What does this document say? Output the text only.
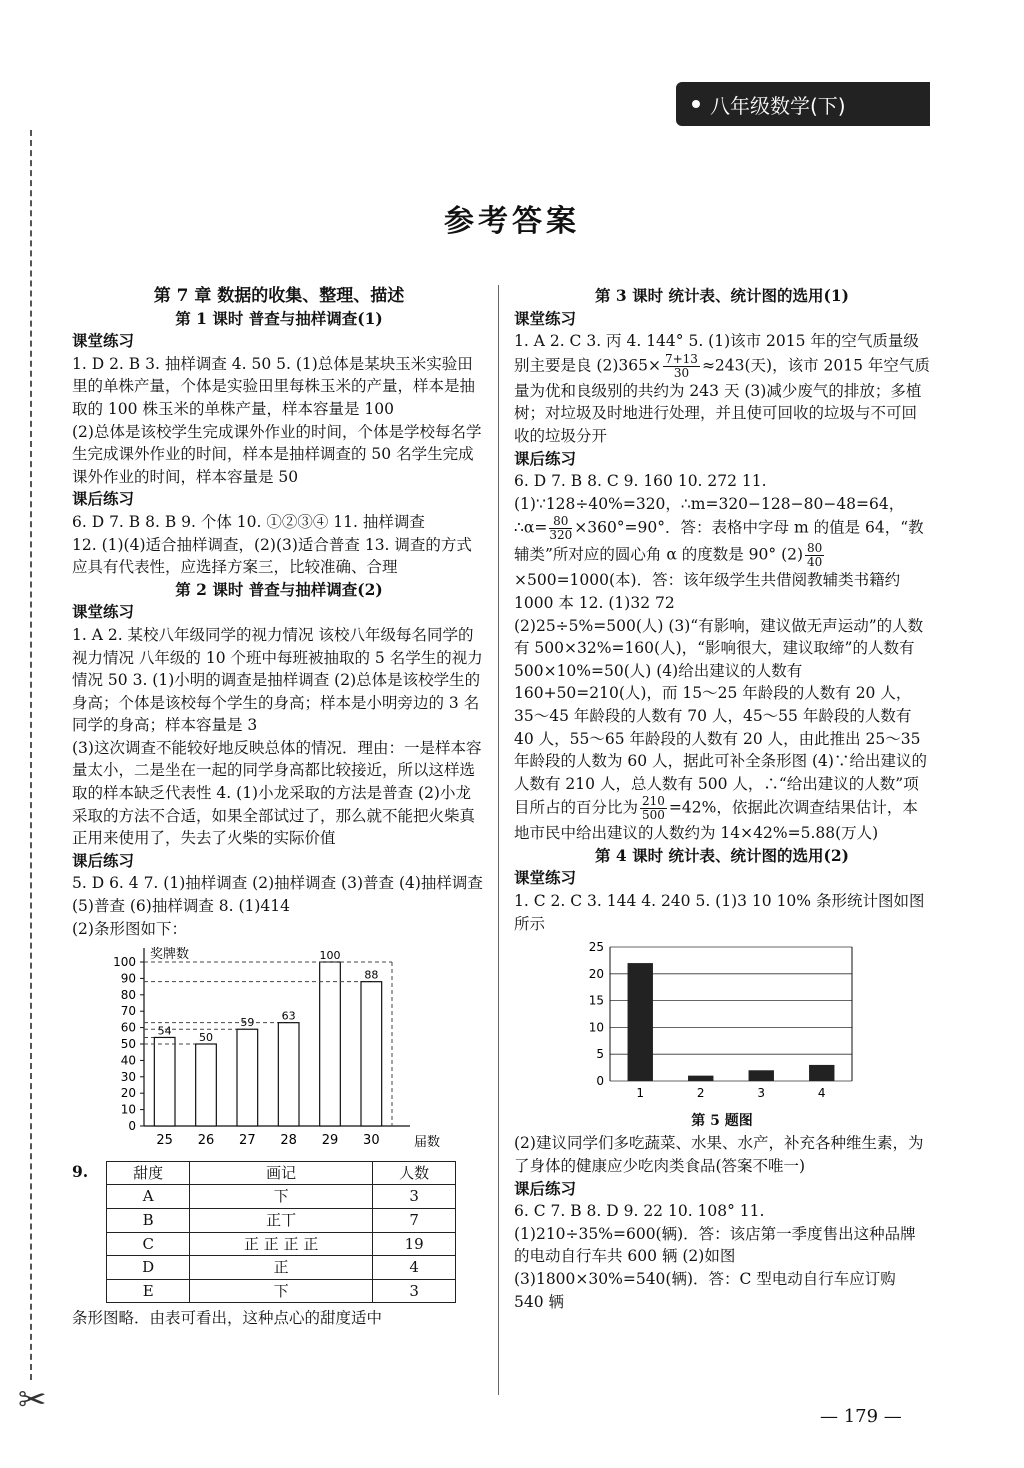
✂
八年级数学(下)
参考答案

第 7 章 数据的收集、整理、描述

第 1 课时 普查与抽样调查(1)

课堂练习

1. D 2. B 3. 抽样调查 4. 50 5. (1)总体是某块玉米实验田里的单株产量，个体是实验田里每株玉米的产量，样本是抽取的 100 株玉米的单株产量，样本容量是 100

(2)总体是该校学生完成课外作业的时间，个体是学校每名学生完成课外作业的时间，样本是抽样调查的 50 名学生完成课外作业的时间，样本容量是 50

课后练习

6. D 7. B 8. B 9. 个体 10. ①②③④ 11. 抽样调查

12. (1)(4)适合抽样调查，(2)(3)适合普查 13. 调查的方式应具有代表性，应选择方案三，比较准确、合理

第 2 课时 普查与抽样调查(2)

课堂练习

1. A 2. 某校八年级同学的视力情况 该校八年级每名同学的视力情况 八年级的 10 个班中每班被抽取的 5 名学生的视力情况 50 3. (1)小明的调查是抽样调查 (2)总体是该校学生的身高；个体是该校每个学生的身高；样本是小明旁边的 3 名同学的身高；样本容量是 3

(3)这次调查不能较好地反映总体的情况．理由：一是样本容量太小，二是坐在一起的同学身高都比较接近，所以这样选取的样本缺乏代表性 4. (1)小龙采取的方法是普查 (2)小龙采取的方法不合适，如果全部试过了，那么就不能把火柴真正用来使用了，失去了火柴的实际价值

课后练习

5. D 6. 4 7. (1)抽样调查 (2)抽样调查 (3)普查 (4)抽样调查 (5)普查 (6)抽样调查 8. (1)414

(2)条形图如下：

奖牌数
届数
0
10
20
30
40
50
60
70
80
90
100
54
25
50
26
59
27
63
28
100
29
88
30
9.	甜度	画记	人数
A	下	3
B	正丅	7
C	正 正 正 正	19
D	正	4
E	下	3

条形图略．由表可看出，这种点心的甜度适中

第 3 课时 统计表、统计图的选用(1)

课堂练习

1. A 2. C 3. 丙 4. 144° 5. (1)该市 2015 年的空气质量级别主要是良 $(2)365\times \frac{7+13}{30} \approx 243$(天)，该市 2015 年空气质量为优和良级别的共约为 243 天 (3)减少废气的排放；多植树；对垃圾及时地进行处理，并且使可回收的垃圾与不可回收的垃圾分开

课后练习

6. D 7. B 8. C 9. 160 10. 272 11. (1)∵128÷40%=320，∴m=320−128−80−48=64，∴α= $\frac{80}{320} \times 360^\circ=90^\circ$．答：表格中字母 m 的值是 64，“教辅类”所对应的圆心角 α 的度数是 90° $(2) \frac{80}{40}$
×500=1000(本)．答：该年级学生共借阅教辅类书籍约 1000 本 12. (1)32 72

(2)25÷5%=500(人) (3)“有影响，建议做无声运动”的人数有 500×32%=160(人)，“影响很大，建议取缔”的人数有 500×10%=50(人) (4)给出建议的人数有 160+50=210(人)，而 15～25 年龄段的人数有 20 人，35～45 年龄段的人数有 70 人，45～55 年龄段的人数有 40 人，55～65 年龄段的人数有 20 人，由此推出 25～35 年龄段的人数为 60 人，据此可补全条形图 (4)∵给出建议的人数有 210 人，总人数有 500 人，∴“给出建议的人数”项目所占的百分比为 $\frac{210}{500} =42\%$，依据此次调查结果估计，本地市民中给出建议的人数约为 14×42%=5.88(万人)

第 4 课时 统计表、统计图的选用(2)

课堂练习

1. C 2. C 3. 144 4. 240 5. (1)3 10 10% 条形统计图如图所示

0
5
10
15
20
25
1	2	3	4

第 5 题图

(2)建议同学们多吃蔬菜、水果、水产，补充各种维生素，为了身体的健康应少吃肉类食品(答案不唯一)

课后练习

6. C 7. B 8. D 9. 22 10. 108° 11. (1)210÷35%=600(辆)．答：该店第一季度售出这种品牌的电动自行车共 600 辆 (2)如图 (3)1800×30%=540(辆)．答：C 型电动自行车应订购 540 辆

— 179 —
